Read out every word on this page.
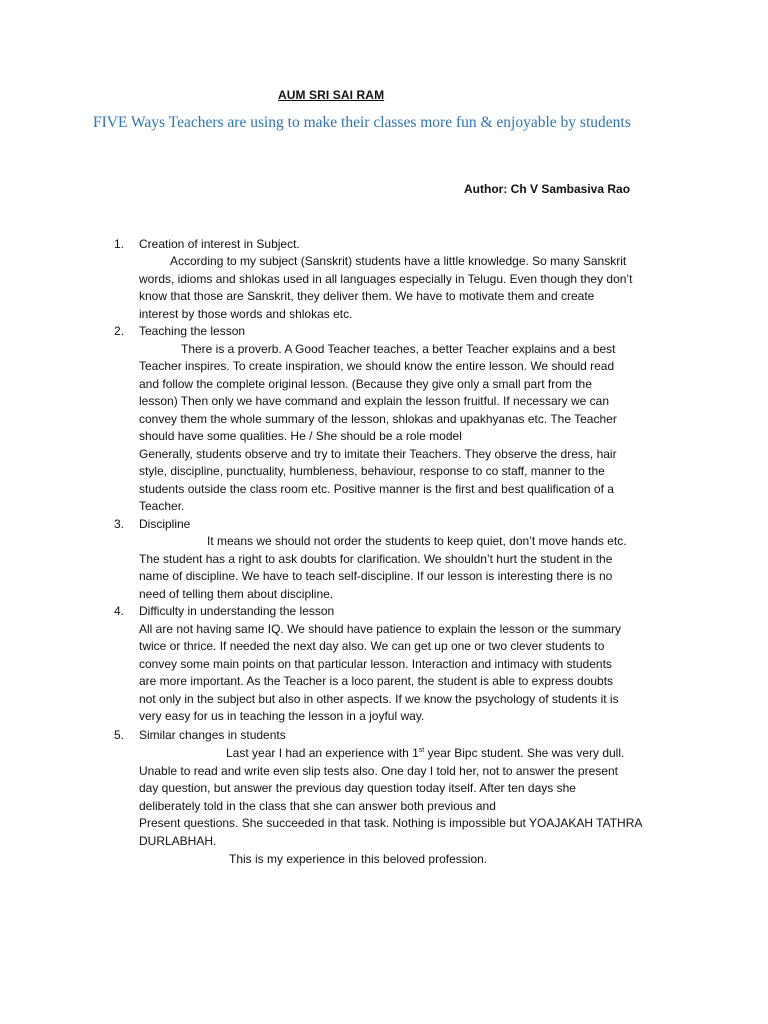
AUM SRI SAI RAM
FIVE Ways Teachers are using to make their classes more fun & enjoyable by students
Author: Ch V Sambasiva Rao
1. Creation of interest in Subject.
According to my subject (Sanskrit) students have a little knowledge. So many Sanskrit
words, idioms and shlokas used in all languages especially in Telugu. Even though they don’t
know that those are Sanskrit, they deliver them. We have to motivate them and create
interest by those words and shlokas etc.
2. Teaching the lesson
There is a proverb. A Good Teacher teaches, a better Teacher explains and a best
Teacher inspires. To create inspiration, we should know the entire lesson. We should read
and follow the complete original lesson. (Because they give only a small part from the
lesson) Then only we have command and explain the lesson fruitful. If necessary we can
convey them the whole summary of the lesson, shlokas and upakhyanas etc. The Teacher
should have some qualities. He / She should be a role model
Generally, students observe and try to imitate their Teachers. They observe the dress, hair
style, discipline, punctuality, humbleness, behaviour, response to co staff, manner to the
students outside the class room etc. Positive manner is the first and best qualification of a
Teacher.
3. Discipline
It means we should not order the students to keep quiet, don’t move hands etc.
The student has a right to ask doubts for clarification. We shouldn’t hurt the student in the
name of discipline. We have to teach self-discipline. If our lesson is interesting there is no
need of telling them about discipline.
4. Difficulty in understanding the lesson
All are not having same IQ. We should have patience to explain the lesson or the summary
twice or thrice. If needed the next day also. We can get up one or two clever students to
convey some main points on that particular lesson. Interaction and intimacy with students
are more important. As the Teacher is a loco parent, the student is able to express doubts
not only in the subject but also in other aspects. If we know the psychology of students it is
very easy for us in teaching the lesson in a joyful way.
5. Similar changes in students
Last year I had an experience with 1st year Bipc student. She was very dull.
Unable to read and write even slip tests also. One day I told her, not to answer the present
day question, but answer the previous day question today itself. After ten days she
deliberately told in the class that she can answer both previous and
Present questions. She succeeded in that task. Nothing is impossible but YOAJAKAH TATHRA
DURLABHAH.
This is my experience in this beloved profession.
